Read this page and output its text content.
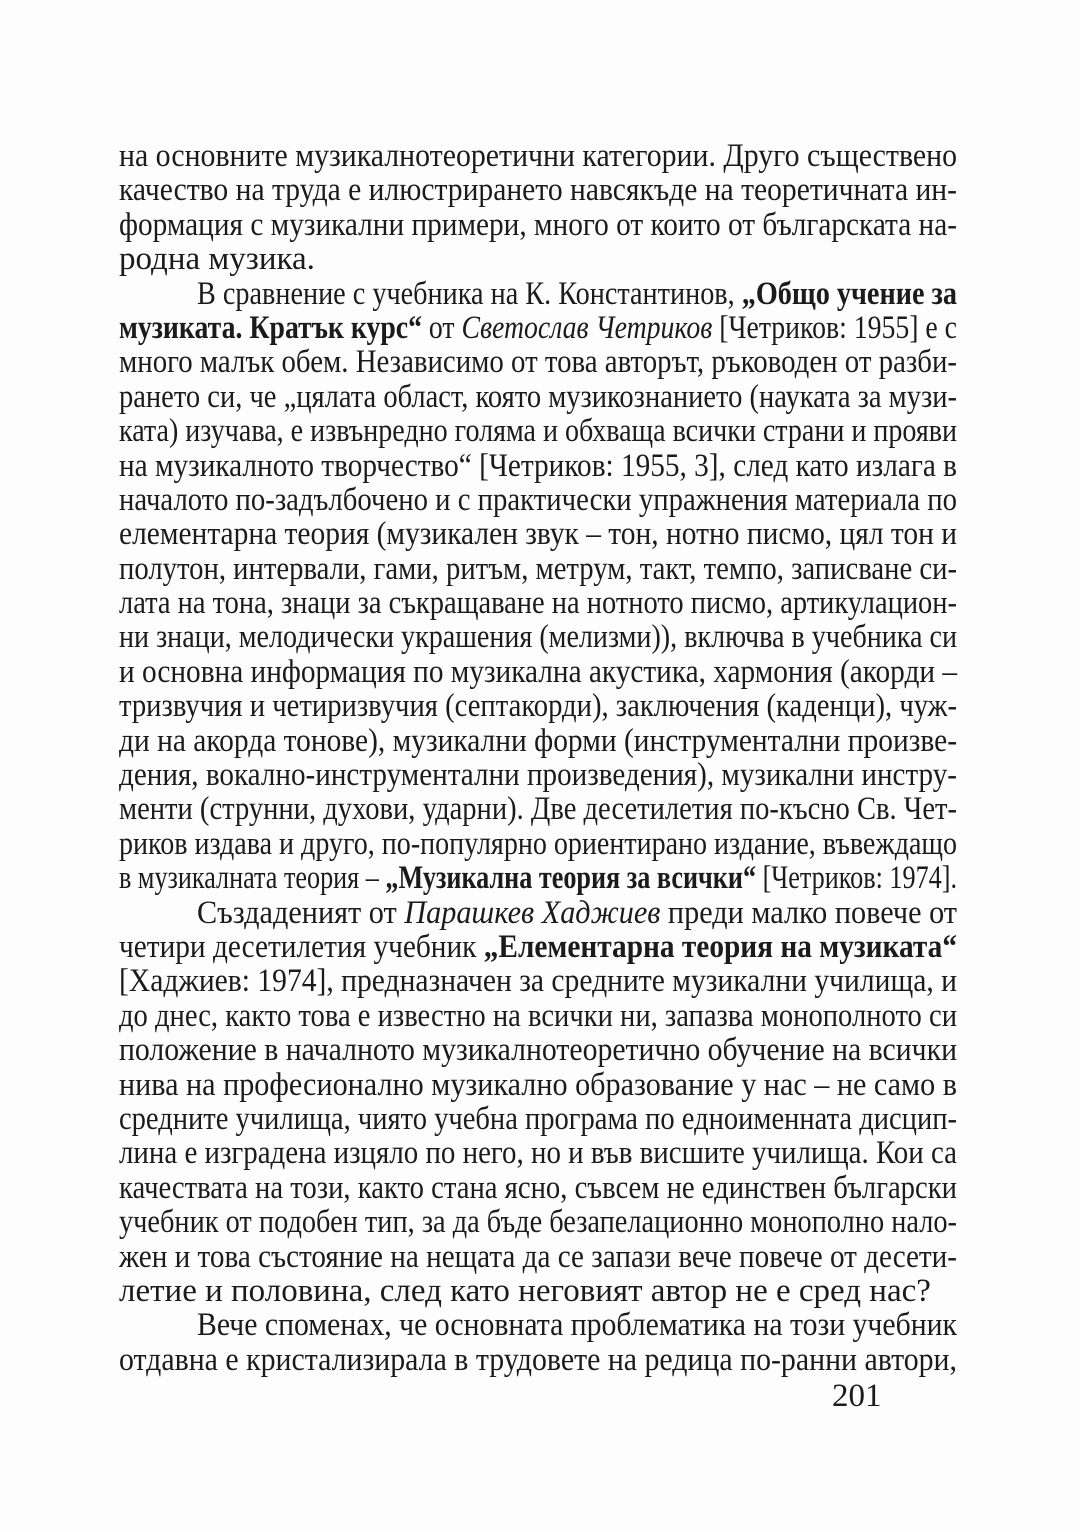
на основните музикалнотеоретични категории. Друго съществено
качество на труда е илюстрирането навсякъде на теоретичната ин-
формация с музикални примери, много от които от българската на-
родна музика.
В сравнение с учебника на К. Константинов, „Общо учение за
музиката. Кратък курс“ от Светослав Четриков [Четриков: 1955] е с
много малък обем. Независимо от това авторът, ръководен от разби-
рането си, че „цялата област, която музикознанието (науката за музи-
ката) изучава, е извънредно голяма и обхваща всички страни и прояви
на музикалното творчество“ [Четриков: 1955, 3], след като излага в
началото по-задълбочено и с практически упражнения материала по
елементарна теория (музикален звук – тон, нотно писмо, цял тон и
полутон, интервали, гами, ритъм, метрум, такт, темпо, записване си-
лата на тона, знаци за съкращаване на нотното писмо, артикулацион-
ни знаци, мелодически украшения (мелизми)), включва в учебника си
и основна информация по музикална акустика, хармония (акорди –
тризвучия и четиризвучия (септакорди), заключения (каденци), чуж-
ди на акорда тонове), музикални форми (инструментални произве-
дения, вокално-инструментални произведения), музикални инстру-
менти (струнни, духови, ударни). Две десетилетия по-късно Св. Чет-
риков издава и друго, по-популярно ориентирано издание, въвеждащо
в музикалната теория – „Музикална теория за всички“ [Четриков: 1974].
Създаденият от Парашкев Хаджиев преди малко повече от
четири десетилетия учебник „Елементарна теория на музиката“
[Хаджиев: 1974], предназначен за средните музикални училища, и
до днес, както това е известно на всички ни, запазва монополното си
положение в началното музикалнотеоретично обучение на всички
нива на професионално музикално образование у нас – не само в
средните училища, чиято учебна програма по едноименната дисцип-
лина е изградена изцяло по него, но и във висшите училища. Кои са
качествата на този, както стана ясно, съвсем не единствен български
учебник от подобен тип, за да бъде безапелационно монополно нало-
жен и това състояние на нещата да се запази вече повече от десети-
летие и половина, след като неговият автор не е сред нас?
Вече споменах, че основната проблематика на този учебник
отдавна е кристализирала в трудовете на редица по-ранни автори,
201
